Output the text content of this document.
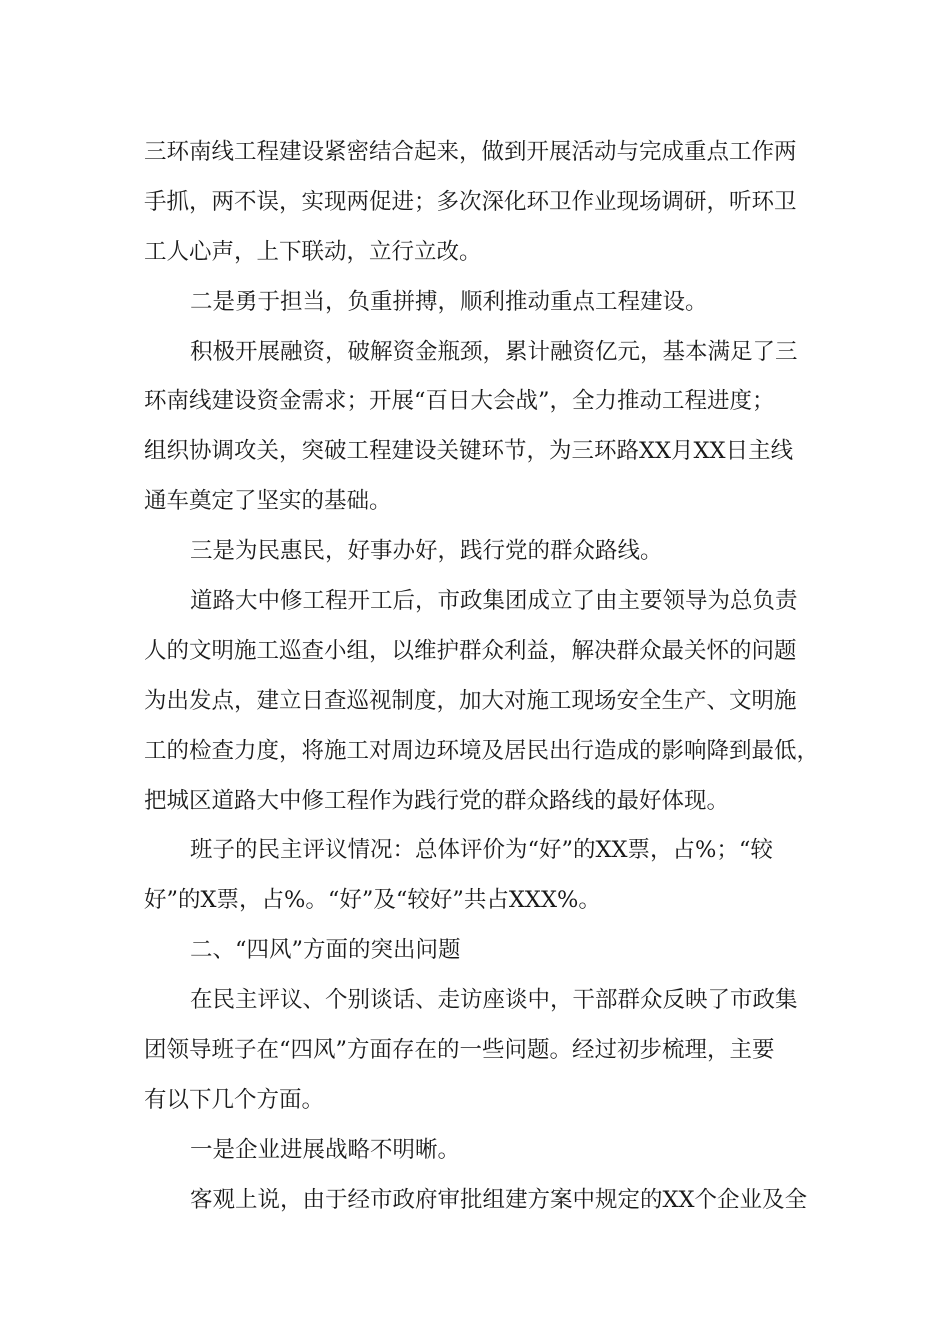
三环南线工程建设紧密结合起来，做到开展活动与完成重点工作两
手抓，两不误，实现两促进；多次深化环卫作业现场调研，听环卫
工人心声，上下联动，立行立改。
二是勇于担当，负重拼搏，顺利推动重点工程建设。
积极开展融资，破解资金瓶颈，累计融资亿元，基本满足了三
环南线建设资金需求；开展“百日大会战”，全力推动工程进度；
组织协调攻关，突破工程建设关键环节，为三环路XX月XX日主线
通车奠定了坚实的基础。
三是为民惠民，好事办好，践行党的群众路线。
道路大中修工程开工后，市政集团成立了由主要领导为总负责
人的文明施工巡查小组，以维护群众利益，解决群众最关怀的问题
为出发点，建立日查巡视制度，加大对施工现场安全生产、文明施
工的检查力度，将施工对周边环境及居民出行造成的影响降到最低，
把城区道路大中修工程作为践行党的群众路线的最好体现。
班子的民主评议情况：总体评价为“好”的XX票，占%；“较
好”的X票，占%。“好”及“较好”共占XXX%。
二、“四风”方面的突出问题
在民主评议、个别谈话、走访座谈中，干部群众反映了市政集
团领导班子在“四风”方面存在的一些问题。经过初步梳理，主要
有以下几个方面。
一是企业进展战略不明晰。
客观上说，由于经市政府审批组建方案中规定的XX个企业及全
